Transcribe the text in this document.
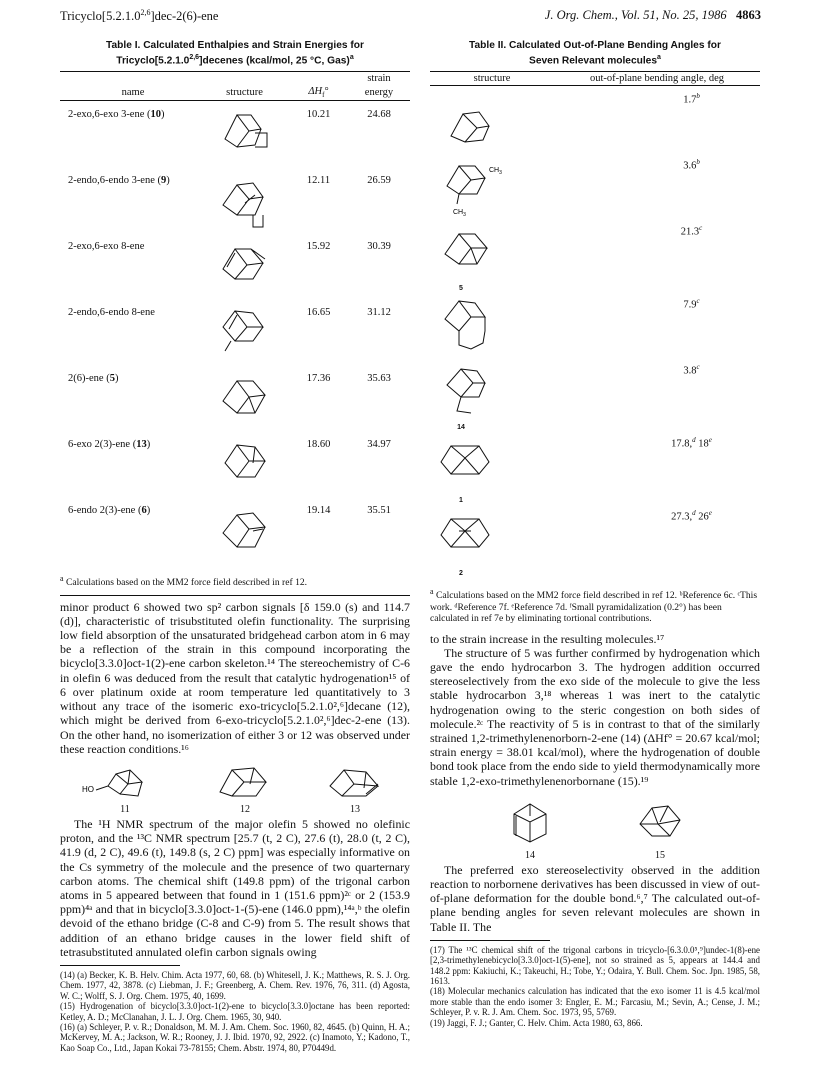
Tricyclo[5.2.1.0$^{2,6}$]dec-2(6)-ene	J. Org. Chem., Vol. 51, No. 25, 1986 4863
Table I. Calculated Enthalpies and Strain Energies for
Tricyclo[5.2.1.0$^{2,6}$]decenes (kcal/mol, 25 °C, Gas)$^a$
			strain
name	structure	$\Delta H_f^\circ$	energy

2-exo,6-exo 3-ene (10)		10.21	24.68
2-endo,6-endo 3-ene (9)		12.11	26.59
2-exo,6-exo 8-ene		15.92	30.39
2-endo,6-endo 8-ene		16.65	31.12
2(6)-ene (5)		17.36	35.63
6-exo 2(3)-ene (13)		18.60	34.97
6-endo 2(3)-ene (6)		19.14	35.51
$^a$ Calculations based on the MM2 force field described in ref 12.
minor product 6 showed two sp² carbon signals [δ 159.0 (s) and 114.7 (d)], characteristic of trisubstituted olefin functionality. The surprising low field absorption of the unsaturated bridgehead carbon atom in 6 may be a reflection of the strain in this compound incorporating the bicyclo[3.3.0]oct-1(2)-ene carbon skeleton.¹⁴ The stereochemistry of C-6 in olefin 6 was deduced from the result that catalytic hydrogenation¹⁵ of 6 over platinum oxide at room temperature led quantitatively to 3 without any trace of the isomeric exo-tricyclo[5.2.1.0²,⁶]decane (12), which might be derived from 6-exo-tricyclo[5.2.1.0²,⁶]dec-2-ene (13). On the other hand, no isomerization of either 3 or 12 was observed under these reaction conditions.¹⁶
HO
11	12	13
The ¹H NMR spectrum of the major olefin 5 showed no olefinic proton, and the ¹³C NMR spectrum [25.7 (t, 2 C), 27.6 (t), 28.0 (t, 2 C), 41.9 (d, 2 C), 49.6 (t), 149.8 (s, 2 C) ppm] was especially informative on the Cs symmetry of the molecule and the presence of two quarternary carbon atoms. The chemical shift (149.8 ppm) of the trigonal carbon atoms in 5 appeared between that found in 1 (151.6 ppm)²ᶜ or 2 (153.9 ppm)⁴ᵃ and that in bicyclo[3.3.0]oct-1-(5)-ene (146.0 ppm),¹⁴ᵃ,ᵇ the olefin devoid of the ethano bridge (C-8 and C-9) from 5. The result shows that addition of an ethano bridge causes in the lower field shift of tetrasubstituted annulated olefin carbon signals owing
(14) (a) Becker, K. B. Helv. Chim. Acta 1977, 60, 68. (b) Whitesell, J. K.; Matthews, R. S. J. Org. Chem. 1977, 42, 3878. (c) Liebman, J. F.; Greenberg, A. Chem. Rev. 1976, 76, 311. (d) Agosta, W. C.; Wolff, S. J. Org. Chem. 1975, 40, 1699.
(15) Hydrogenation of bicyclo[3.3.0]oct-1(2)-ene to bicyclo[3.3.0]octane has been reported: Ketley, A. D.; McClanahan, J. L. J. Org. Chem. 1965, 30, 940.
(16) (a) Schleyer, P. v. R.; Donaldson, M. M. J. Am. Chem. Soc. 1960, 82, 4645. (b) Quinn, H. A.; McKervey, M. A.; Jackson, W. R.; Rooney, J. J. Ibid. 1970, 92, 2922. (c) Inamoto, Y.; Kadono, T., Kao Soap Co., Ltd., Japan Kokai 73-78155; Chem. Abstr. 1974, 80, P70449d.
Table II. Calculated Out-of-Plane Bending Angles for
Seven Relevant molecules$^a$
structure	out-of-plane bending angle, deg

	1.7$^b$

$CH_3$
$CH_3$	3.6$^b$

5	21.3$^c$
	7.9$^c$

14	3.8$^c$

1	17.8,$^d$ 18e

2	27.3,$^d$ 26e
$^a$ Calculations based on the MM2 force field described in ref 12. ᵇReference 6c. ᶜThis work. ᵈReference 7f. ᵉReference 7d. ᶠSmall pyramidalization (0.2°) has been calculated in ref 7e by eliminating tortional contributions.
to the strain increase in the resulting molecules.¹⁷
The structure of 5 was further confirmed by hydrogenation which gave the endo hydrocarbon 3. The hydrogen addition occurred stereoselectively from the exo side of the molecule to give the less stable hydrocarbon 3,¹⁸ whereas 1 was inert to the catalytic hydrogenation owing to the steric congestion on both sides of molecule.²ᶜ The reactivity of 5 is in contrast to that of the similarly strained 1,2-trimethylenenorborn-2-ene (14) (ΔHf° = 20.67 kcal/mol; strain energy = 38.01 kcal/mol), where the hydrogenation of double bond took place from the endo side to yield thermodynamically more stable 1,2-exo-trimethylenenorbornane (15).¹⁹
14	15
The preferred exo stereoselectivity observed in the addition reaction to norbornene derivatives has been discussed in view of out-of-plane deformation for the double bond.⁶,⁷ The calculated out-of-plane bending angles for seven relevant molecules are shown in Table II. The
(17) The ¹³C chemical shift of the trigonal carbons in tricyclo-[6.3.0.0⁵,⁹]undec-1(8)-ene [2,3-trimethylenebicyclo[3.3.0]oct-1(5)-ene], not so strained as 5, appears at 144.4 and 148.2 ppm: Kakiuchi, K.; Takeuchi, H.; Tobe, Y.; Odaira, Y. Bull. Chem. Soc. Jpn. 1985, 58, 1613.
(18) Molecular mechanics calculation has indicated that the exo isomer 11 is 4.5 kcal/mol more stable than the endo isomer 3: Engler, E. M.; Farcasiu, M.; Sevin, A.; Cense, J. M.; Schleyer, P. v. R. J. Am. Chem. Soc. 1973, 95, 5769.
(19) Jaggi, F. J.; Ganter, C. Helv. Chim. Acta 1980, 63, 866.
